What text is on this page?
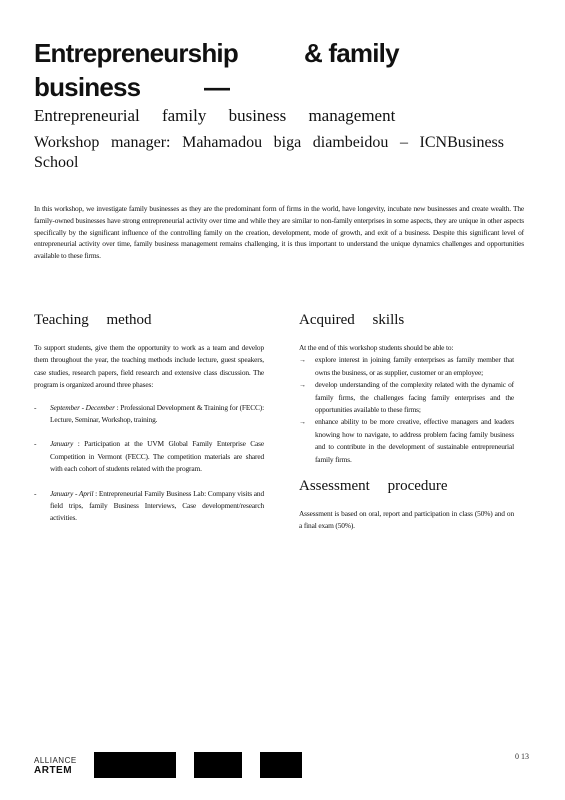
Entrepreneurship	& family
business	—
Entrepreneurial family business management
Workshop manager: Mahamadou biga diambeidou – ICNBusiness School

In this workshop, we investigate family businesses as they are the predominant form of firms in the world, have longevity, incubate new businesses and create wealth. The family-owned businesses have strong entrepreneurial activity over time and while they are similar to non-family enterprises in some aspects, they are unique in other aspects specifically by the significant influence of the controlling family on the creation, development, mode of growth, and exit of a business. Despite this significant level of entrepreneurial activity over time, family business management remains challenging, it is thus important to understand the unique dynamics challenges and opportunities available to these firms.

Teaching method

To support students, give them the opportunity to work as a team and develop them throughout the year, the teaching methods include lecture, guest speakers, case studies, research papers, field research and extensive class discussion. The program is organized around three phases:

- September - December : Professional Development & Training for (FECC): Lecture, Seminar, Workshop, training.
- January : Participation at the UVM Global Family Enterprise Case Competition in Vermont (FECC). The competition materials are shared with each cohort of students related with the program.
- January - April : Entrepreneurial Family Business Lab: Company visits and field trips, family Business Interviews, Case development/research activities.
Acquired skills

At the end of this workshop students should be able to:

→ explore interest in joining family enterprises as family member that owns the business, or as supplier, customer or an employee;
→ develop understanding of the complexity related with the dynamic of family firms, the challenges facing family enterprises and the opportunities available to these firms;
→ enhance ability to be more creative, effective managers and leaders knowing how to navigate, to address problem facing family business and to contribute in the development of sustainable entrepreneurial family firms.
Assessment procedure

Assessment is based on oral, report and participation in class (50%) and on a final exam (50%).

ALLIANCE
ARTEM
0 13
